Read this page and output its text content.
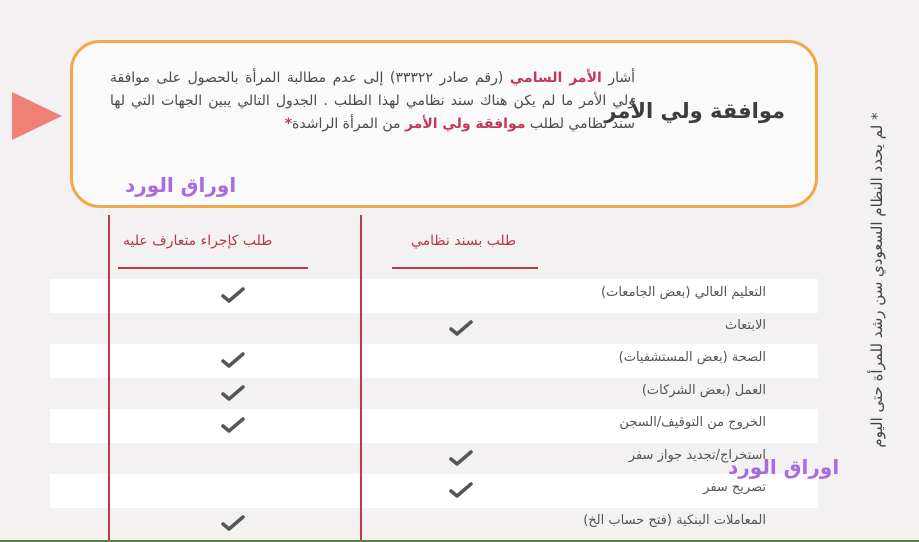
موافقة ولي الأمر
أشار الأمر السامي (رقم صادر ٣٣٣٢٢) إلى عدم مطالبة المرأة بالحصول على موافقة ولي الأمر ما لم يكن هناك سند نظامي لهذا الطلب . الجدول التالي يبين الجهات التي لها سند نظامي لطلب موافقة ولي الأمر من المرأة الراشدة*
اوراق الورد	* لم يحدد النظام السعودي سن رشد للمرأة حتى اليوم
طلب بسند نظامي
طلب كإجراء متعارف عليه
التعليم العالي (بعض الجامعات)
الابتعاث
الصحة (بعض المستشفيات)
العمل (بعض الشركات)
الخروج من التوقيف/السجن
استخراج/تجديد جواز سفر
تصريح سفر
المعاملات البنكية (فتح حساب الخ)
اوراق الورد
